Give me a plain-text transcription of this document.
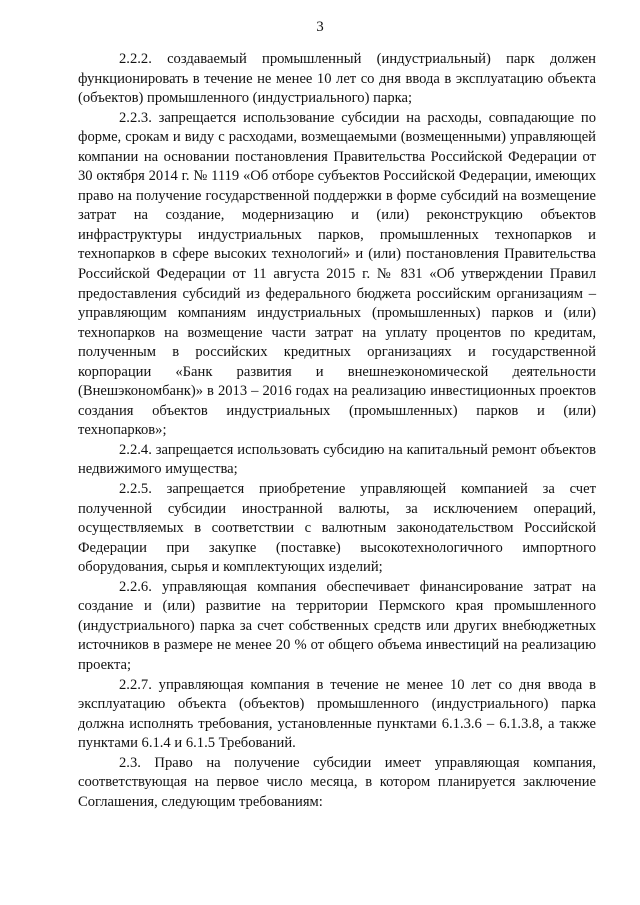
3

2.2.2. создаваемый промышленный (индустриальный) парк должен функционировать в течение не менее 10 лет со дня ввода в эксплуатацию объекта (объектов) промышленного (индустриального) парка;

2.2.3. запрещается использование субсидии на расходы, совпадающие по форме, срокам и виду с расходами, возмещаемыми (возмещенными) управляющей компании на основании постановления Правительства Российской Федерации от 30 октября 2014 г. № 1119 «Об отборе субъектов Российской Федерации, имеющих право на получение государственной поддержки в форме субсидий на возмещение затрат на создание, модернизацию и (или) реконструкцию объектов инфраструктуры индустриальных парков, промышленных технопарков и технопарков в сфере высоких технологий» и (или) постановления Правительства Российской Федерации от 11 августа 2015 г. № 831 «Об утверждении Правил предоставления субсидий из федерального бюджета российским организациям – управляющим компаниям индустриальных (промышленных) парков и (или) технопарков на возмещение части затрат на уплату процентов по кредитам, полученным в российских кредитных организациях и государственной корпорации «Банк развития и внешнеэкономической деятельности (Внешэкономбанк)» в 2013 – 2016 годах на реализацию инвестиционных проектов создания объектов индустриальных (промышленных) парков и (или) технопарков»;

2.2.4. запрещается использовать субсидию на капитальный ремонт объектов недвижимого имущества;

2.2.5. запрещается приобретение управляющей компанией за счет полученной субсидии иностранной валюты, за исключением операций, осуществляемых в соответствии с валютным законодательством Российской Федерации при закупке (поставке) высокотехнологичного импортного оборудования, сырья и комплектующих изделий;

2.2.6. управляющая компания обеспечивает финансирование затрат на создание и (или) развитие на территории Пермского края промышленного (индустриального) парка за счет собственных средств или других внебюджетных источников в размере не менее 20 % от общего объема инвестиций на реализацию проекта;

2.2.7. управляющая компания в течение не менее 10 лет со дня ввода в эксплуатацию объекта (объектов) промышленного (индустриального) парка должна исполнять требования, установленные пунктами 6.1.3.6 – 6.1.3.8, а также пунктами 6.1.4 и 6.1.5 Требований.

2.3. Право на получение субсидии имеет управляющая компания, соответствующая на первое число месяца, в котором планируется заключение Соглашения, следующим требованиям:
